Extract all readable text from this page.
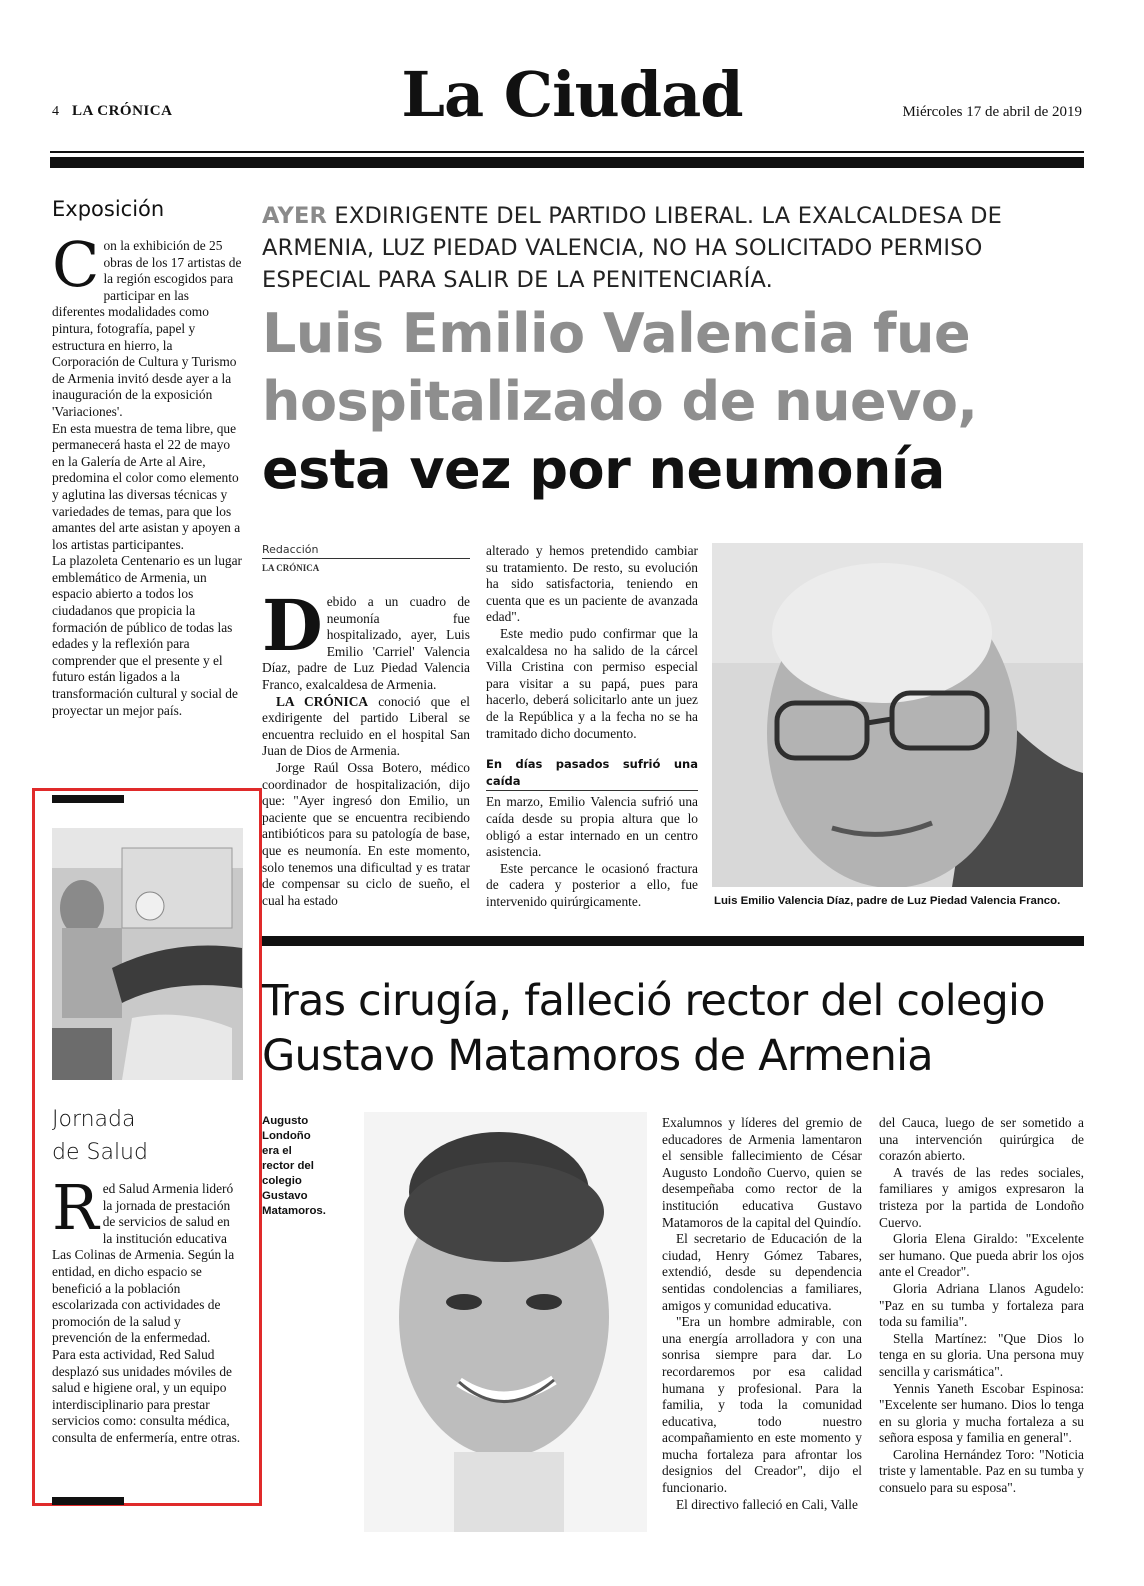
4 LA CRÓNICA	La Ciudad	Miércoles 17 de abril de 2019
Exposición

Con la exhibición de 25 obras de los 17 artistas de la región escogidos para participar en las diferentes modalidades como pintura, fotografía, papel y estructura en hierro, la Corporación de Cultura y Turismo de Armenia invitó desde ayer a la inauguración de la exposición 'Variaciones'.

En esta muestra de tema libre, que permanecerá hasta el 22 de mayo en la Galería de Arte al Aire, predomina el color como elemento y aglutina las diversas técnicas y variedades de temas, para que los amantes del arte asistan y apoyen a los artistas participantes.

La plazoleta Centenario es un lugar emblemático de Armenia, un espacio abierto a todos los ciudadanos que propicia la formación de público de todas las edades y la reflexión para comprender que el presente y el futuro están ligados a la transformación cultural y social de proyectar un mejor país.

Jornada
de Salud

Red Salud Armenia lideró la jornada de prestación de servicios de salud en la institución educativa Las Colinas de Armenia. Según la entidad, en dicho espacio se benefició a la población escolarizada con actividades de promoción de la salud y prevención de la enfermedad.

Para esta actividad, Red Salud desplazó sus unidades móviles de salud e higiene oral, y un equipo interdisciplinario para prestar servicios como: consulta médica, consulta de enfermería, entre otras.

AYER EXDIRIGENTE DEL PARTIDO LIBERAL. LA EXALCALDESA DE ARMENIA, LUZ PIEDAD VALENCIA, NO HA SOLICITADO PERMISO ESPECIAL PARA SALIR DE LA PENITENCIARÍA.
Luis Emilio Valencia fue hospitalizado de nuevo,
esta vez por neumonía
Redacción
LA CRÓNICA

Debido a un cuadro de neumonía fue hospitalizado, ayer, Luis Emilio 'Carriel' Valencia Díaz, padre de Luz Piedad Valencia Franco, exalcaldesa de Armenia.

LA CRÓNICA conoció que el exdirigente del partido Liberal se encuentra recluido en el hospital San Juan de Dios de Armenia.

Jorge Raúl Ossa Botero, médico coordinador de hospitalización, dijo que: "Ayer ingresó don Emilio, un paciente que se encuentra recibiendo antibióticos para su patología de base, que es neumonía. En este momento, solo tenemos una dificultad y es tratar de compensar su ciclo de sueño, el cual ha estado

alterado y hemos pretendido cambiar su tratamiento. De resto, su evolución ha sido satisfactoria, teniendo en cuenta que es un paciente de avanzada edad".

Este medio pudo confirmar que la exalcaldesa no ha salido de la cárcel Villa Cristina con permiso especial para visitar a su papá, pues para hacerlo, deberá solicitarlo ante un juez de la República y a la fecha no se ha tramitado dicho documento.

En días pasados sufrió una caída

En marzo, Emilio Valencia sufrió una caída desde su propia altura que lo obligó a estar internado en un centro asistencia.

Este percance le ocasionó fractura de cadera y posterior a ello, fue intervenido quirúrgicamente.	Luis Emilio Valencia Díaz, padre de Luz Piedad Valencia Franco.
Tras cirugía, falleció rector del colegio
Gustavo Matamoros de Armenia
Augusto Londoño era el rector del colegio Gustavo Matamoros.

Exalumnos y líderes del gremio de educadores de Armenia lamentaron el sensible fallecimiento de César Augusto Londoño Cuervo, quien se desempeñaba como rector de la institución educativa Gustavo Matamoros de la capital del Quindío.

El secretario de Educación de la ciudad, Henry Gómez Tabares, extendió, desde su dependencia sentidas condolencias a familiares, amigos y comunidad educativa.

"Era un hombre admirable, con una energía arrolladora y con una sonrisa siempre para dar. Lo recordaremos por esa calidad humana y profesional. Para la familia, y toda la comunidad educativa, todo nuestro acompañamiento en este momento y mucha fortaleza para afrontar los designios del Creador", dijo el funcionario.

El directivo falleció en Cali, Valle

del Cauca, luego de ser sometido a una intervención quirúrgica de corazón abierto.

A través de las redes sociales, familiares y amigos expresaron la tristeza por la partida de Londoño Cuervo.

Gloria Elena Giraldo: "Excelente ser humano. Que pueda abrir los ojos ante el Creador".

Gloria Adriana Llanos Agudelo: "Paz en su tumba y fortaleza para toda su familia".

Stella Martínez: "Que Dios lo tenga en su gloria. Una persona muy sencilla y carismática".

Yennis Yaneth Escobar Espinosa: "Excelente ser humano. Dios lo tenga en su gloria y mucha fortaleza a su señora esposa y familia en general".

Carolina Hernández Toro: "Noticia triste y lamentable. Paz en su tumba y consuelo para su esposa".
